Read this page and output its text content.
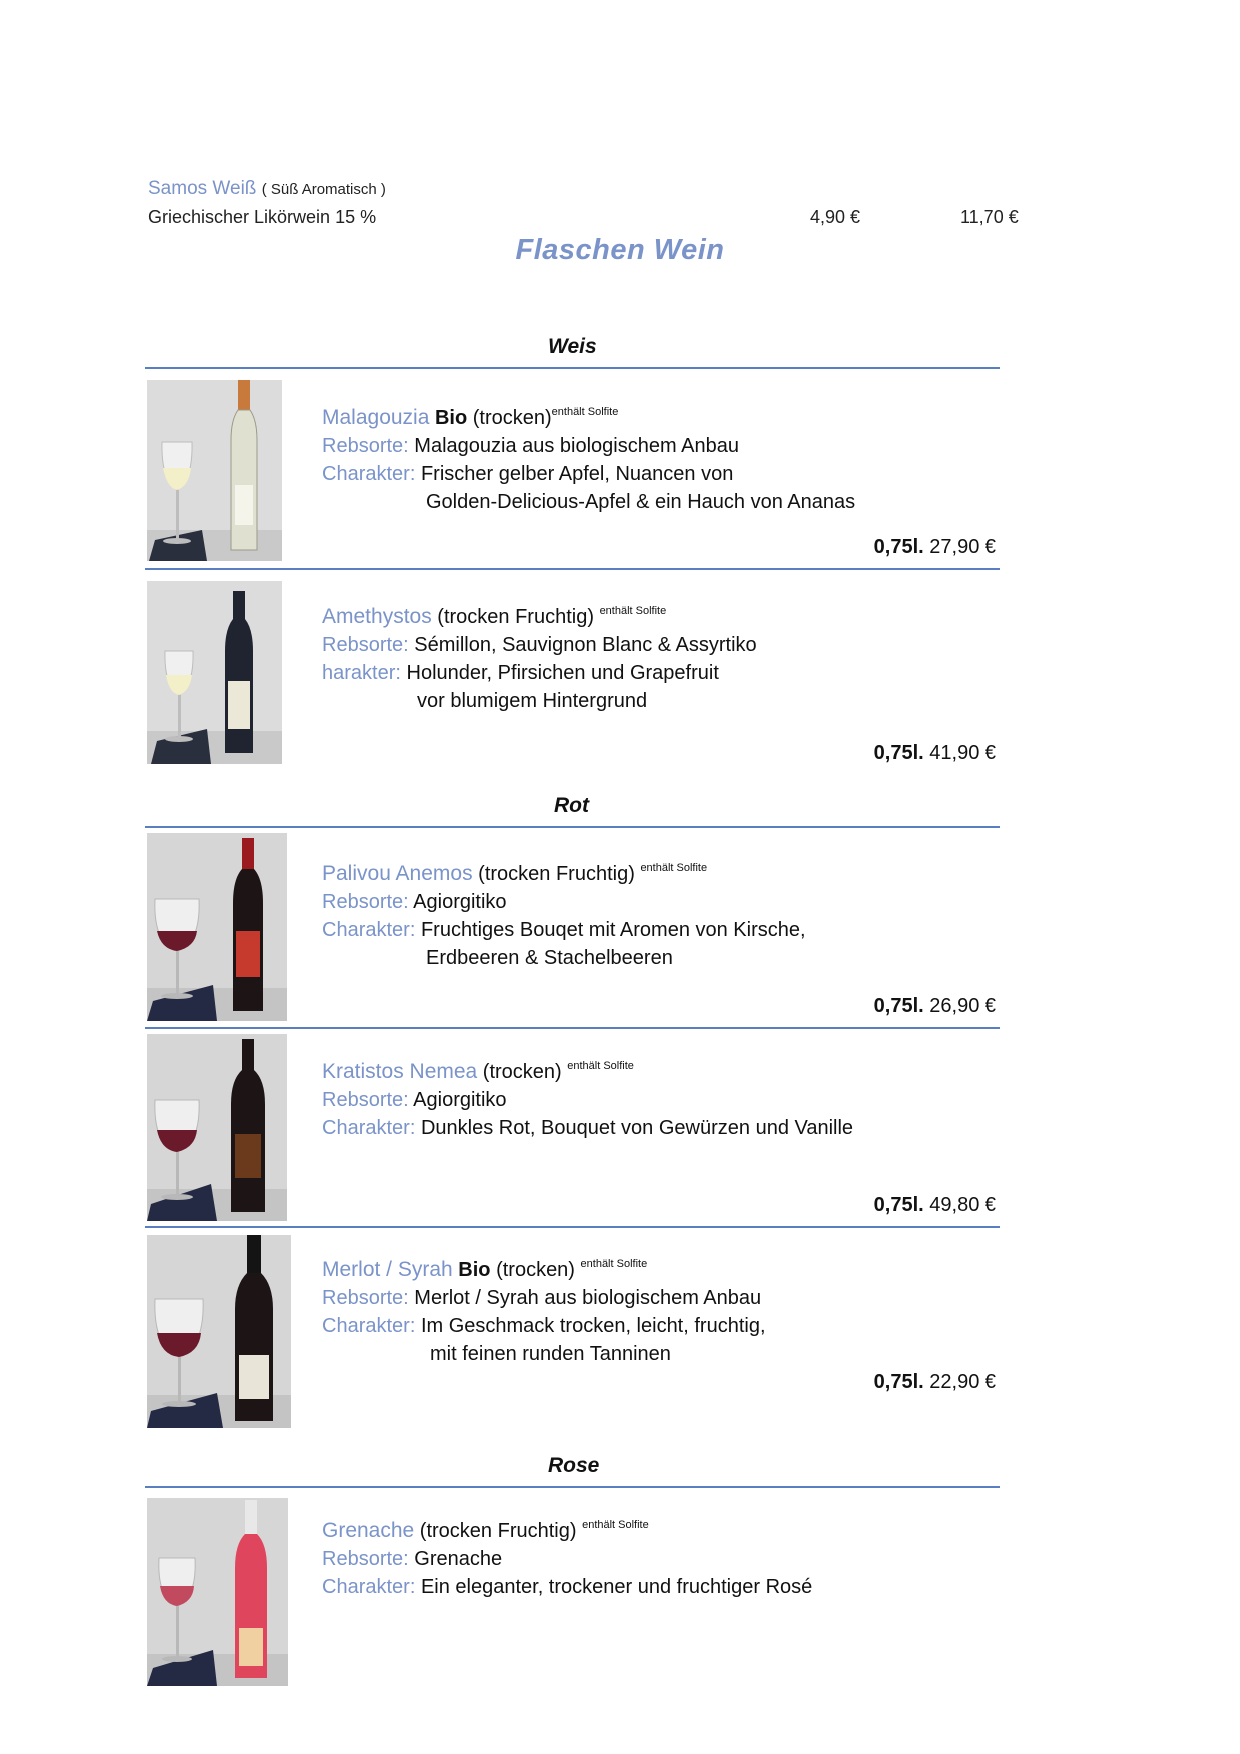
Samos Weiß ( Süß Aromatisch )
Griechischer Likörwein 15 %	4,90 €	11,70 €
Flaschen Wein
Weis
Malagouzia Bio (trocken)$^{enthält Solfite}$
Rebsorte: Malagouzia aus biologischem Anbau
Charakter: Frischer gelber Apfel, Nuancen von
Golden-Delicious-Apfel & ein Hauch von Ananas
0,75l. 27,90 €
Amethystos (trocken Fruchtig) $^{enthält Solfite}$
Rebsorte: Sémillon, Sauvignon Blanc & Assyrtiko
harakter: Holunder, Pfirsichen und Grapefruit
vor blumigem Hintergrund
0,75l. 41,90 €
Rot
Palivou Anemos (trocken Fruchtig) $^{enthält Solfite}$
Rebsorte: Agiorgitiko
Charakter: Fruchtiges Bouqet mit Aromen von Kirsche,
Erdbeeren & Stachelbeeren
0,75l. 26,90 €
Kratistos Nemea (trocken) $^{enthält Solfite}$
Rebsorte: Agiorgitiko
Charakter: Dunkles Rot, Bouquet von Gewürzen und Vanille
0,75l. 49,80 €
Merlot / Syrah Bio (trocken) $^{enthält Solfite}$
Rebsorte: Merlot / Syrah aus biologischem Anbau
Charakter: Im Geschmack trocken, leicht, fruchtig,
mit feinen runden Tanninen
0,75l. 22,90 €
Rose
Grenache (trocken Fruchtig) $^{enthält Solfite}$
Rebsorte: Grenache
Charakter: Ein eleganter, trockener und fruchtiger Rosé
